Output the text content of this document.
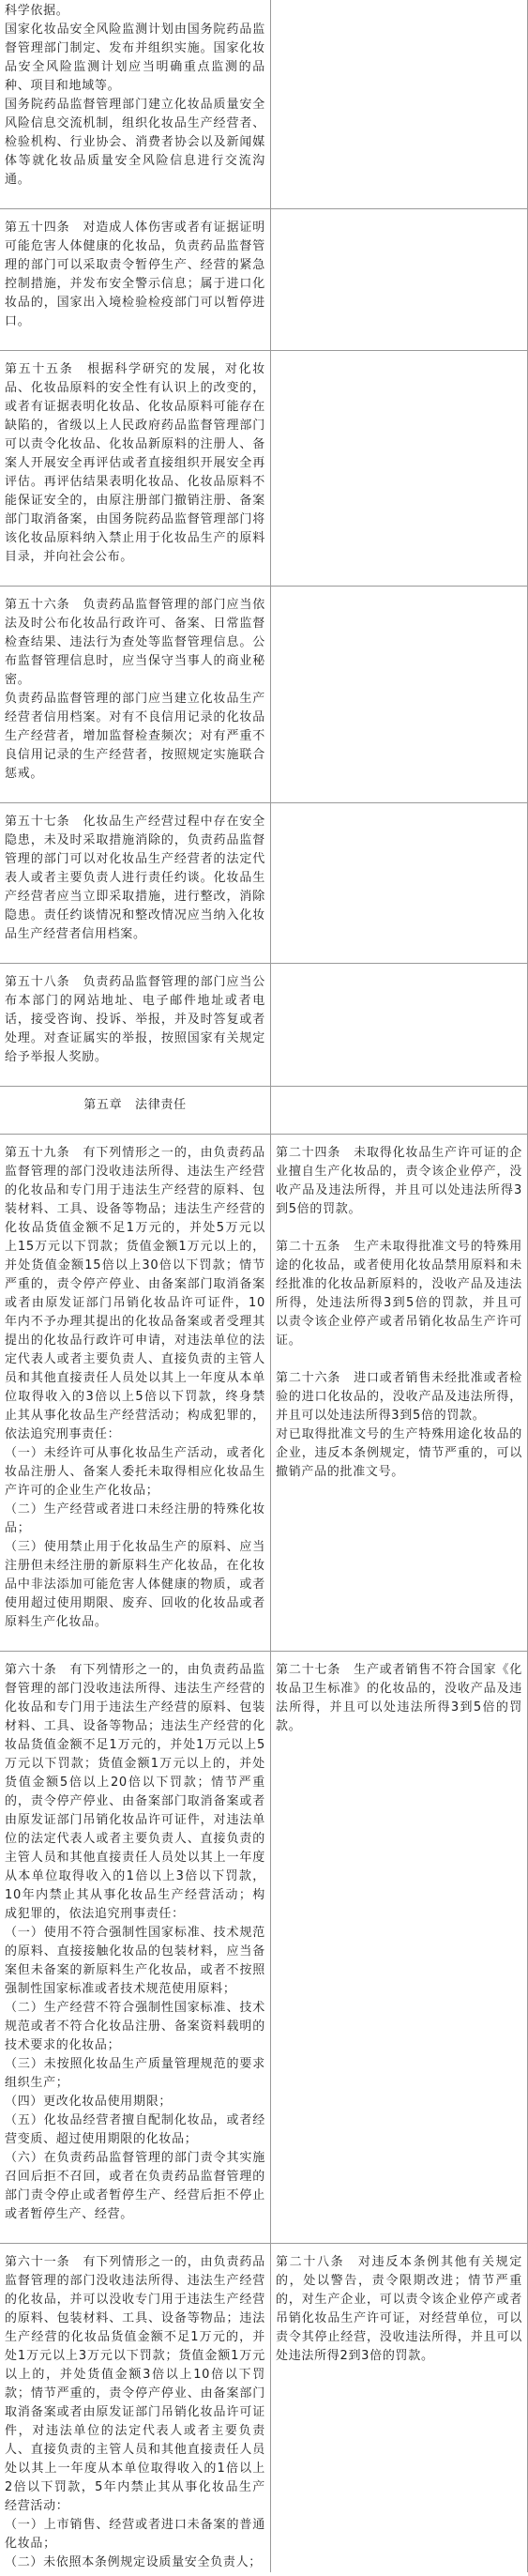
科学依据。

国家化妆品安全风险监测计划由国务院药品监督管理部门制定、发布并组织实施。国家化妆品安全风险监测计划应当明确重点监测的品种、项目和地域等。

国务院药品监督管理部门建立化妆品质量安全风险信息交流机制，组织化妆品生产经营者、检验机构、行业协会、消费者协会以及新闻媒体等就化妆品质量安全风险信息进行交流沟通。

第五十四条　对造成人体伤害或者有证据证明可能危害人体健康的化妆品，负责药品监督管理的部门可以采取责令暂停生产、经营的紧急控制措施，并发布安全警示信息；属于进口化妆品的，国家出入境检验检疫部门可以暂停进口。

第五十五条　根据科学研究的发展，对化妆品、化妆品原料的安全性有认识上的改变的，或者有证据表明化妆品、化妆品原料可能存在缺陷的，省级以上人民政府药品监督管理部门可以责令化妆品、化妆品新原料的注册人、备案人开展安全再评估或者直接组织开展安全再评估。再评估结果表明化妆品、化妆品原料不能保证安全的，由原注册部门撤销注册、备案部门取消备案，由国务院药品监督管理部门将该化妆品原料纳入禁止用于化妆品生产的原料目录，并向社会公布。

第五十六条　负责药品监督管理的部门应当依法及时公布化妆品行政许可、备案、日常监督检查结果、违法行为查处等监督管理信息。公布监督管理信息时，应当保守当事人的商业秘密。

负责药品监督管理的部门应当建立化妆品生产经营者信用档案。对有不良信用记录的化妆品生产经营者，增加监督检查频次；对有严重不良信用记录的生产经营者，按照规定实施联合惩戒。

第五十七条　化妆品生产经营过程中存在安全隐患，未及时采取措施消除的，负责药品监督管理的部门可以对化妆品生产经营者的法定代表人或者主要负责人进行责任约谈。化妆品生产经营者应当立即采取措施，进行整改，消除隐患。责任约谈情况和整改情况应当纳入化妆品生产经营者信用档案。

第五十八条　负责药品监督管理的部门应当公布本部门的网站地址、电子邮件地址或者电话，接受咨询、投诉、举报，并及时答复或者处理。对查证属实的举报，按照国家有关规定给予举报人奖励。

第五章　法律责任

第五十九条　有下列情形之一的，由负责药品监督管理的部门没收违法所得、违法生产经营的化妆品和专门用于违法生产经营的原料、包装材料、工具、设备等物品；违法生产经营的化妆品货值金额不足1万元的，并处5万元以上15万元以下罚款；货值金额1万元以上的，并处货值金额15倍以上30倍以下罚款；情节严重的，责令停产停业、由备案部门取消备案或者由原发证部门吊销化妆品许可证件，10年内不予办理其提出的化妆品备案或者受理其提出的化妆品行政许可申请，对违法单位的法定代表人或者主要负责人、直接负责的主管人员和其他直接责任人员处以其上一年度从本单位取得收入的3倍以上5倍以下罚款，终身禁止其从事化妆品生产经营活动；构成犯罪的，依法追究刑事责任：

（一）未经许可从事化妆品生产活动，或者化妆品注册人、备案人委托未取得相应化妆品生产许可的企业生产化妆品；

（二）生产经营或者进口未经注册的特殊化妆品；

（三）使用禁止用于化妆品生产的原料、应当注册但未经注册的新原料生产化妆品，在化妆品中非法添加可能危害人体健康的物质，或者使用超过使用期限、废弃、回收的化妆品或者原料生产化妆品。

第二十四条　未取得化妆品生产许可证的企业擅自生产化妆品的，责令该企业停产，没收产品及违法所得，并且可以处违法所得3到5倍的罚款。

第二十五条　生产未取得批准文号的特殊用途的化妆品，或者使用化妆品禁用原料和未经批准的化妆品新原料的，没收产品及违法所得，处违法所得3到5倍的罚款，并且可以责令该企业停产或者吊销化妆品生产许可证。

第二十六条　进口或者销售未经批准或者检验的进口化妆品的，没收产品及违法所得，并且可以处违法所得3到5倍的罚款。

对已取得批准文号的生产特殊用途化妆品的企业，违反本条例规定，情节严重的，可以撤销产品的批准文号。

第六十条　有下列情形之一的，由负责药品监督管理的部门没收违法所得、违法生产经营的化妆品和专门用于违法生产经营的原料、包装材料、工具、设备等物品；违法生产经营的化妆品货值金额不足1万元的，并处1万元以上5万元以下罚款；货值金额1万元以上的，并处货值金额5倍以上20倍以下罚款；情节严重的，责令停产停业、由备案部门取消备案或者由原发证部门吊销化妆品许可证件，对违法单位的法定代表人或者主要负责人、直接负责的主管人员和其他直接责任人员处以其上一年度从本单位取得收入的1倍以上3倍以下罚款，10年内禁止其从事化妆品生产经营活动；构成犯罪的，依法追究刑事责任：

（一）使用不符合强制性国家标准、技术规范的原料、直接接触化妆品的包装材料，应当备案但未备案的新原料生产化妆品，或者不按照强制性国家标准或者技术规范使用原料；

（二）生产经营不符合强制性国家标准、技术规范或者不符合化妆品注册、备案资料载明的技术要求的化妆品；

（三）未按照化妆品生产质量管理规范的要求组织生产；

（四）更改化妆品使用期限；

（五）化妆品经营者擅自配制化妆品，或者经营变质、超过使用期限的化妆品；

（六）在负责药品监督管理的部门责令其实施召回后拒不召回，或者在负责药品监督管理的部门责令停止或者暂停生产、经营后拒不停止或者暂停生产、经营。

第二十七条　生产或者销售不符合国家《化妆品卫生标准》的化妆品的，没收产品及违法所得，并且可以处违法所得3到5倍的罚款。

第六十一条　有下列情形之一的，由负责药品监督管理的部门没收违法所得、违法生产经营的化妆品，并可以没收专门用于违法生产经营的原料、包装材料、工具、设备等物品；违法生产经营的化妆品货值金额不足1万元的，并处1万元以上3万元以下罚款；货值金额1万元以上的，并处货值金额3倍以上10倍以下罚款；情节严重的，责令停产停业、由备案部门取消备案或者由原发证部门吊销化妆品许可证件，对违法单位的法定代表人或者主要负责人、直接负责的主管人员和其他直接责任人员处以其上一年度从本单位取得收入的1倍以上2倍以下罚款，5年内禁止其从事化妆品生产经营活动：

（一）上市销售、经营或者进口未备案的普通化妆品；

（二）未依照本条例规定设质量安全负责人；

第二十八条　对违反本条例其他有关规定的，处以警告，责令限期改进；情节严重的，对生产企业，可以责令该企业停产或者吊销化妆品生产许可证，对经营单位，可以责令其停止经营，没收违法所得，并且可以处违法所得2到3倍的罚款。
